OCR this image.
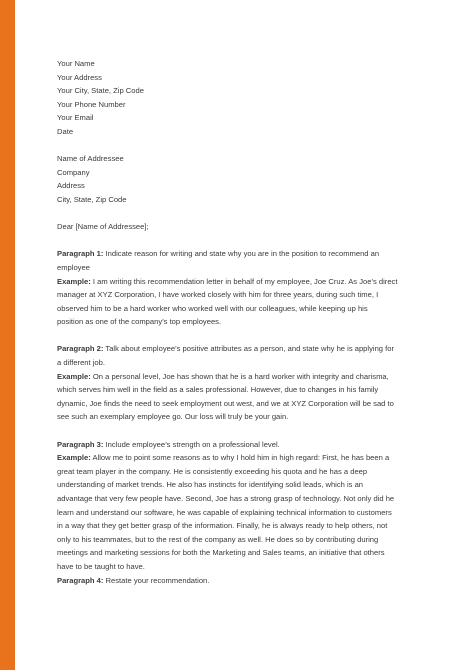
Your Name
Your Address
Your City, State, Zip Code
Your Phone Number
Your Email
Date
Name of Addressee
Company
Address
City, State, Zip Code
Dear [Name of Addressee];
Paragraph 1: Indicate reason for writing and state why you are in the position to recommend an
employee
Example: I am writing this recommendation letter in behalf of my employee, Joe Cruz. As Joe’s direct
manager at XYZ Corporation, I have worked closely with him for three years, during such time, I
observed him to be a hard worker who worked well with our colleagues, while keeping up his
position as one of the company’s top employees.
Paragraph 2: Talk about employee’s positive attributes as a person, and state why he is applying for
a different job.
Example: On a personal level, Joe has shown that he is a hard worker with integrity and charisma,
which serves him well in the field as a sales professional. However, due to changes in his family
dynamic, Joe finds the need to seek employment out west, and we at XYZ Corporation will be sad to
see such an exemplary employee go. Our loss will truly be your gain.
Paragraph 3: Include employee’s strength on a professional level.
Example: Allow me to point some reasons as to why I hold him in high regard: First, he has been a
great team player in the company. He is consistently exceeding his quota and he has a deep
understanding of market trends. He also has instincts for identifying solid leads, which is an
advantage that very few people have. Second, Joe has a strong grasp of technology. Not only did he
learn and understand our software, he was capable of explaining technical information to customers
in a way that they get better grasp of the information. Finally, he is always ready to help others, not
only to his teammates, but to the rest of the company as well. He does so by contributing during
meetings and marketing sessions for both the Marketing and Sales teams, an initiative that others
have to be taught to have.
Paragraph 4: Restate your recommendation.
